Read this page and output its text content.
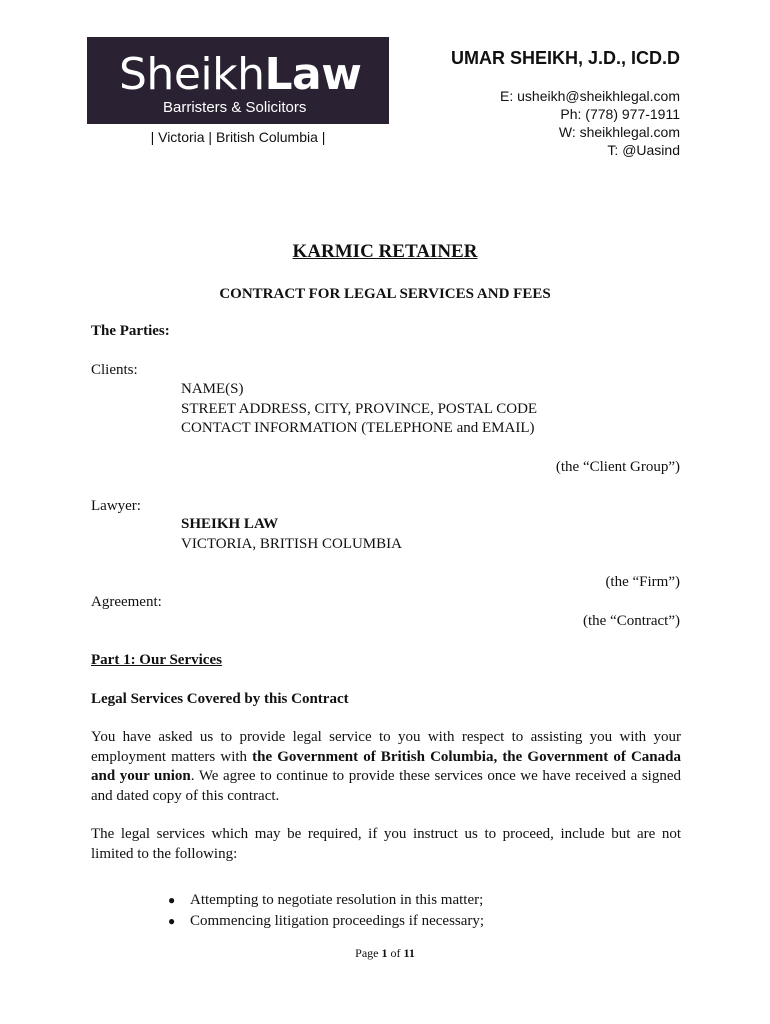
SheikhLaw
Barristers & Solicitors
| Victoria | British Columbia |
UMAR SHEIKH, J.D., ICD.D
E: usheikh@sheikhlegal.com
Ph: (778) 977-1911
W: sheikhlegal.com
T: @Uasind
KARMIC RETAINER
CONTRACT FOR LEGAL SERVICES AND FEES
The Parties:
Clients:
NAME(S)
STREET ADDRESS, CITY, PROVINCE, POSTAL CODE
CONTACT INFORMATION (TELEPHONE and EMAIL)
(the “Client Group”)
Lawyer:
SHEIKH LAW
VICTORIA, BRITISH COLUMBIA
(the “Firm”)
Agreement:
(the “Contract”)
Part 1: Our Services
Legal Services Covered by this Contract
You have asked us to provide legal service to you with respect to assisting you with your employment matters with the Government of British Columbia, the Government of Canada and your union. We agree to continue to provide these services once we have received a signed and dated copy of this contract.
The legal services which may be required, if you instruct us to proceed, include but are not limited to the following:
● Attempting to negotiate resolution in this matter;
● Commencing litigation proceedings if necessary;
Page 1 of 11
